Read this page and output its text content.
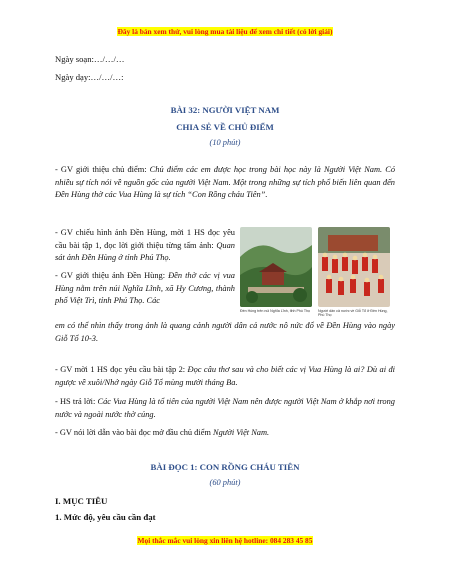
Đây là bản xem thử, vui lòng mua tài liệu để xem chi tiết (có lời giải)
Ngày soạn:…/…/…
Ngày dạy:…/…/…:
BÀI 32: NGƯỜI VIỆT NAM
CHIA SẺ VỀ CHỦ ĐIỂM
(10 phút)
- GV giới thiệu chủ điểm: Chủ điểm các em được học trong bài học này là Người Việt Nam. Có nhiều sự tích nói về nguồn gốc của người Việt Nam. Một trong những sự tích phổ biến liên quan đến Đền Hùng thờ các Vua Hùng là sự tích “Con Rồng cháu Tiên”.
- GV chiếu hình ảnh Đền Hùng, mời 1 HS đọc yêu cầu bài tập 1, đọc lời giới thiệu từng tấm ảnh: Quan sát ảnh Đền Hùng ở tỉnh Phú Thọ.
- GV giới thiệu ảnh Đền Hùng: Đền thờ các vị vua Hùng nằm trên núi Nghĩa Lĩnh, xã Hy Cương, thành phố Việt Trì, tỉnh Phú Thọ. Các
em có thể nhìn thấy trong ảnh là quang cảnh người dân cả nước nô nức đổ về Đền Hùng vào ngày Giỗ Tổ 10-3.
Đền Hùng trên núi Nghĩa Lĩnh, tỉnh Phú Thọ	Người dân cả nước về Giỗ Tổ ở Đền Hùng, Phú Thọ
- GV mời 1 HS đọc yêu cầu bài tập 2: Đọc câu thơ sau và cho biết các vị Vua Hùng là ai? Dù ai đi ngược về xuôi/Nhớ ngày Giỗ Tổ mùng mười tháng Ba.
- HS trả lời: Các Vua Hùng là tổ tiên của người Việt Nam nên được người Việt Nam ở khắp nơi trong nước và ngoài nước thờ cúng.
- GV nói lời dẫn vào bài đọc mở đầu chủ điểm Người Việt Nam.
BÀI ĐỌC 1: CON RỒNG CHÁU TIÊN
(60 phút)
I. MỤC TIÊU
1. Mức độ, yêu cầu cần đạt
Mọi thắc mắc vui lòng xin liên hệ hotline: 084 283 45 85
